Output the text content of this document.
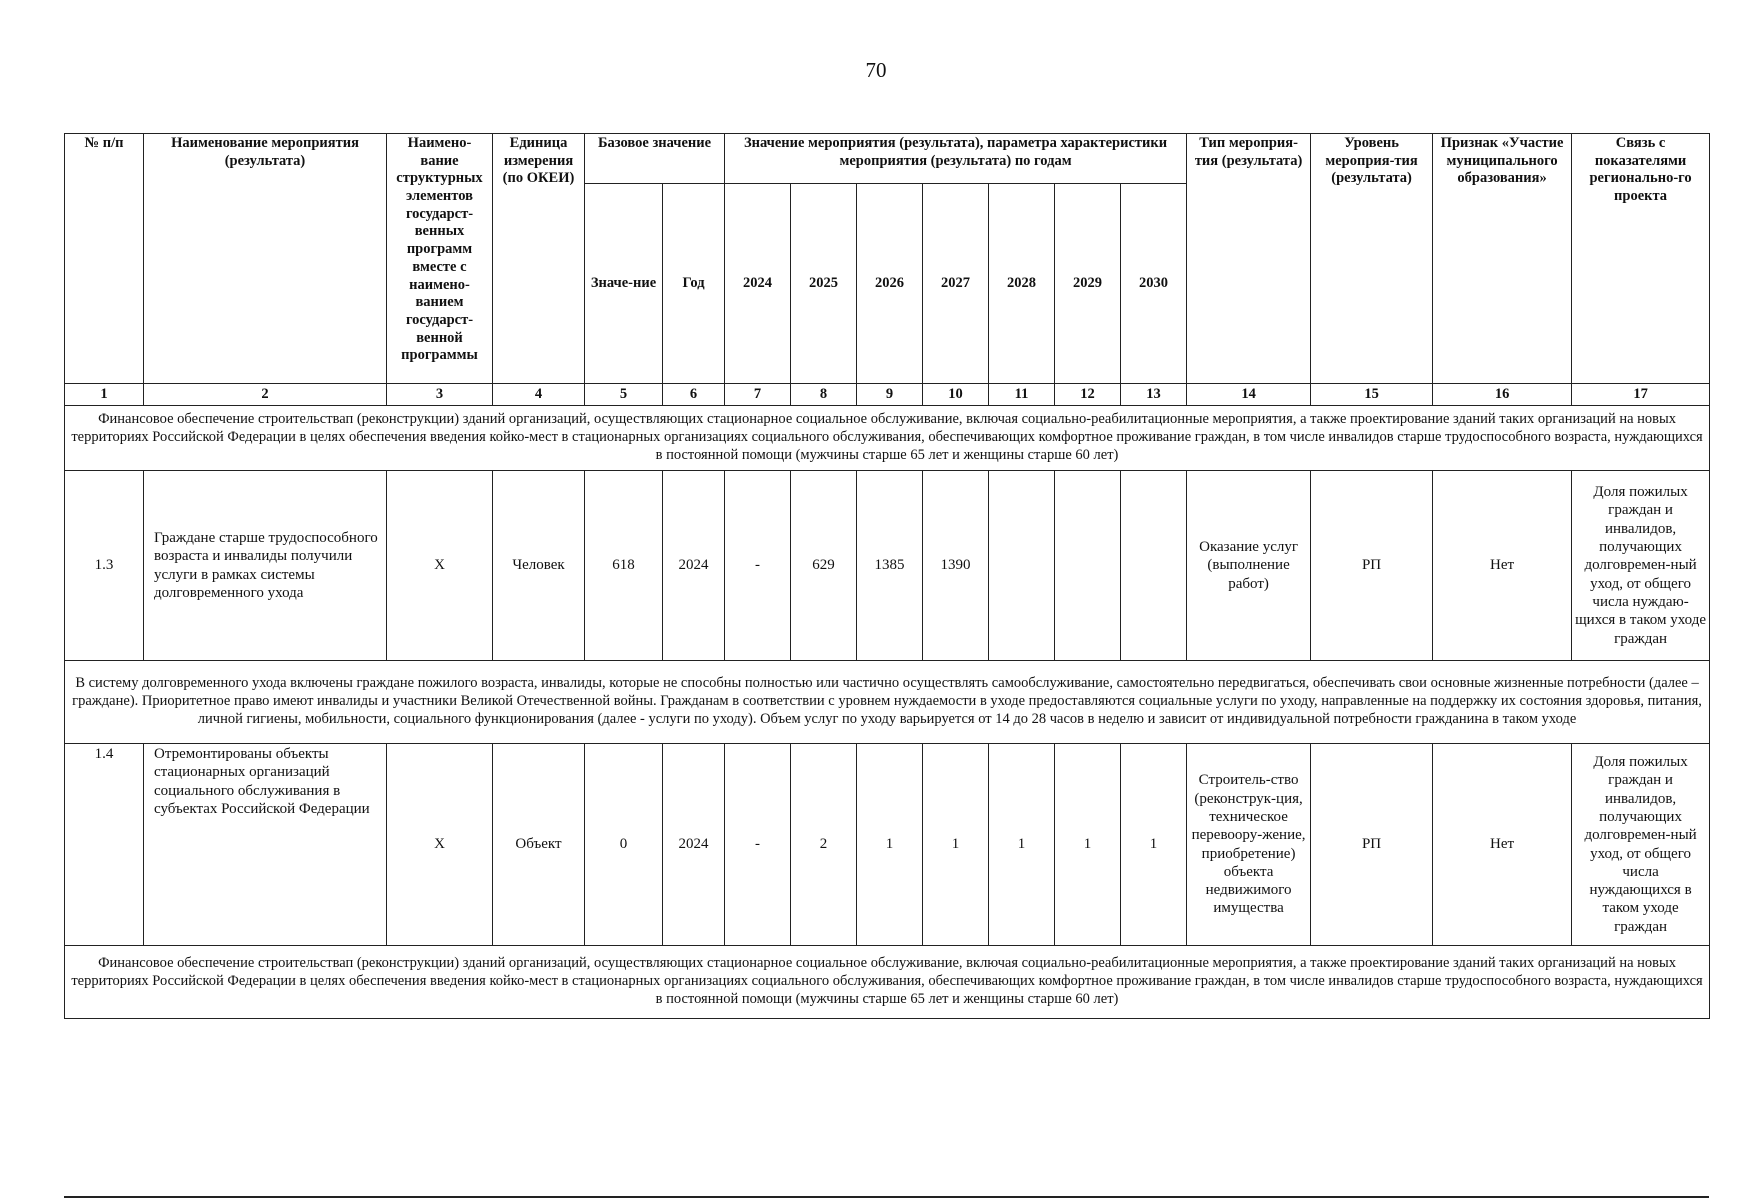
70
№ п/п	Наименование мероприятия (результата)	Наимено-вание структурных элементов государст-венных программ вместе с наимено-ванием государст-венной программы	Единица измерения (по ОКЕИ)	Базовое значение		Значение мероприятия (результата), параметра характеристики мероприятия (результата) по годам							Тип мероприя-тия (результата)	Уровень мероприя-тия (результата)	Признак «Участие муниципального образования»	Связь с показателями регионально-го проекта
				Значе-ние	Год	2024	2025	2026	2027	2028	2029	2030				
1	2	3	4	5	6	7	8	9	10	11	12	13	14	15	16	17
Финансовое обеспечение строительствап (реконструкции) зданий организаций, осуществляющих стационарное социальное обслуживание, включая социально-реабилитационные мероприятия, а также проектирование зданий таких организаций на новых территориях Российской Федерации в целях обеспечения введения койко-мест в стационарных организациях социального обслуживания, обеспечивающих комфортное проживание граждан, в том числе инвалидов старше трудоспособного возраста, нуждающихся в постоянной помощи (мужчины старше 65 лет и женщины старше 60 лет)																
1.3	Граждане старше трудоспособного возраста и инвалиды получили услуги в рамках системы долговременного ухода	Х	Человек	618	2024	-	629	1385	1390				Оказание услуг (выполнение работ)	РП	Нет	Доля пожилых граждан и инвалидов, получающих долговремен-ный уход, от общего числа нуждаю-щихся в таком уходе граждан
В систему долговременного ухода включены граждане пожилого возраста, инвалиды, которые не способны полностью или частично осуществлять самообслуживание, самостоятельно передвигаться, обеспечивать свои основные жизненные потребности (далее – граждане). Приоритетное право имеют инвалиды и участники Великой Отечественной войны. Гражданам в соответствии с уровнем нуждаемости в уходе предоставляются социальные услуги по уходу, направленные на поддержку их состояния здоровья, питания, личной гигиены, мобильности, социального функционирования (далее - услуги по уходу). Объем услуг по уходу варьируется от 14 до 28 часов в неделю и зависит от индивидуальной потребности гражданина в таком уходе																
1.4	Отремонтированы объекты стационарных организаций социального обслуживания в субъектах Российской Федерации	Х	Объект	0	2024	-	2	1	1	1	1	1	Строитель-ство (реконструк-ция, техническое перевоору-жение, приобретение) объекта недвижимого имущества	РП	Нет	Доля пожилых граждан и инвалидов, получающих долговремен-ный уход, от общего числа нуждающихся в таком уходе граждан
Финансовое обеспечение строительствап (реконструкции) зданий организаций, осуществляющих стационарное социальное обслуживание, включая социально-реабилитационные мероприятия, а также проектирование зданий таких организаций на новых территориях Российской Федерации в целях обеспечения введения койко-мест в стационарных организациях социального обслуживания, обеспечивающих комфортное проживание граждан, в том числе инвалидов старше трудоспособного возраста, нуждающихся в постоянной помощи (мужчины старше 65 лет и женщины старше 60 лет)																
